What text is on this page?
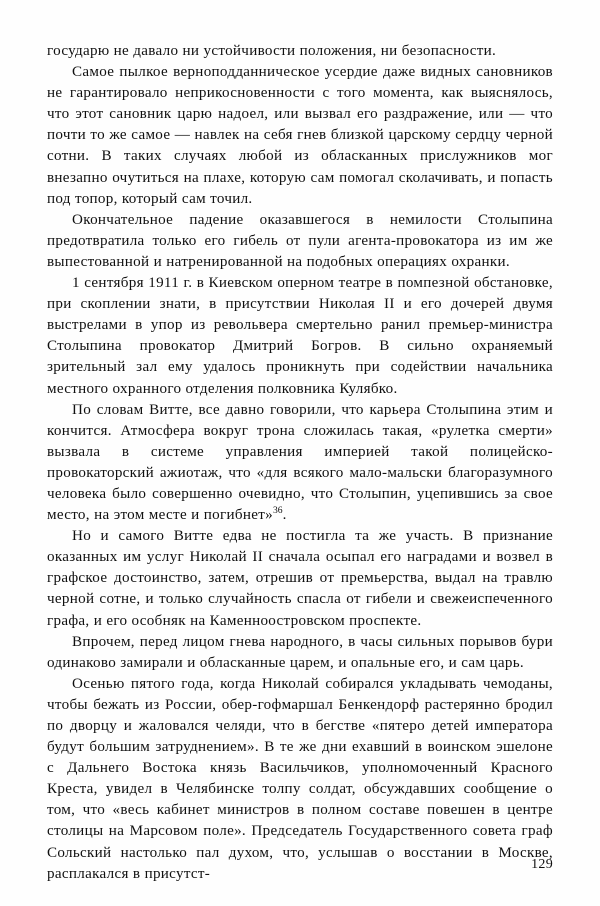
государю не давало ни устойчивости положения, ни безопасности.

Самое пылкое верноподданническое усердие даже видных сановников не гарантировало неприкосновенности с того момента, как выяснялось, что этот сановник царю надоел, или вызвал его раздражение, или — что почти то же самое — навлек на себя гнев близкой царскому сердцу черной сотни. В таких случаях любой из обласканных прислужников мог внезапно очутиться на плахе, которую сам помогал сколачивать, и попасть под топор, который сам точил.

Окончательное падение оказавшегося в немилости Столыпина предотвратила только его гибель от пули агента-провокатора из им же выпестованной и натренированной на подобных операциях охранки.

1 сентября 1911 г. в Киевском оперном театре в помпезной обстановке, при скоплении знати, в присутствии Николая II и его дочерей двумя выстрелами в упор из револьвера смертельно ранил премьер-министра Столыпина провокатор Дмитрий Богров. В сильно охраняемый зрительный зал ему удалось проникнуть при содействии начальника местного охранного отделения полковника Кулябко.

По словам Витте, все давно говорили, что карьера Столыпина этим и кончится. Атмосфера вокруг трона сложилась такая, «рулетка смерти» вызвала в системе управления империей такой полицейско-провокаторский ажиотаж, что «для всякого мало-мальски благоразумного человека было совершенно очевидно, что Столыпин, уцепившись за свое место, на этом месте и погибнет»$^{36}$.

Но и самого Витте едва не постигла та же участь. В признание оказанных им услуг Николай II сначала осыпал его наградами и возвел в графское достоинство, затем, отрешив от премьерства, выдал на травлю черной сотне, и только случайность спасла от гибели и свежеиспеченного графа, и его особняк на Каменноостровском проспекте.

Впрочем, перед лицом гнева народного, в часы сильных порывов бури одинаково замирали и обласканные царем, и опальные его, и сам царь.

Осенью пятого года, когда Николай собирался укладывать чемоданы, чтобы бежать из России, обер-гофмаршал Бенкендорф растерянно бродил по дворцу и жаловался челяди, что в бегстве «пятеро детей императора будут большим затруднением». В те же дни ехавший в воинском эшелоне с Дальнего Востока князь Васильчиков, уполномоченный Красного Креста, увидел в Челябинске толпу солдат, обсуждавших сообщение о том, что «весь кабинет министров в полном составе повешен в центре столицы на Марсовом поле». Председатель Государственного совета граф Сольский настолько пал духом, что, услышав о восстании в Москве, расплакался в присутст-

129
